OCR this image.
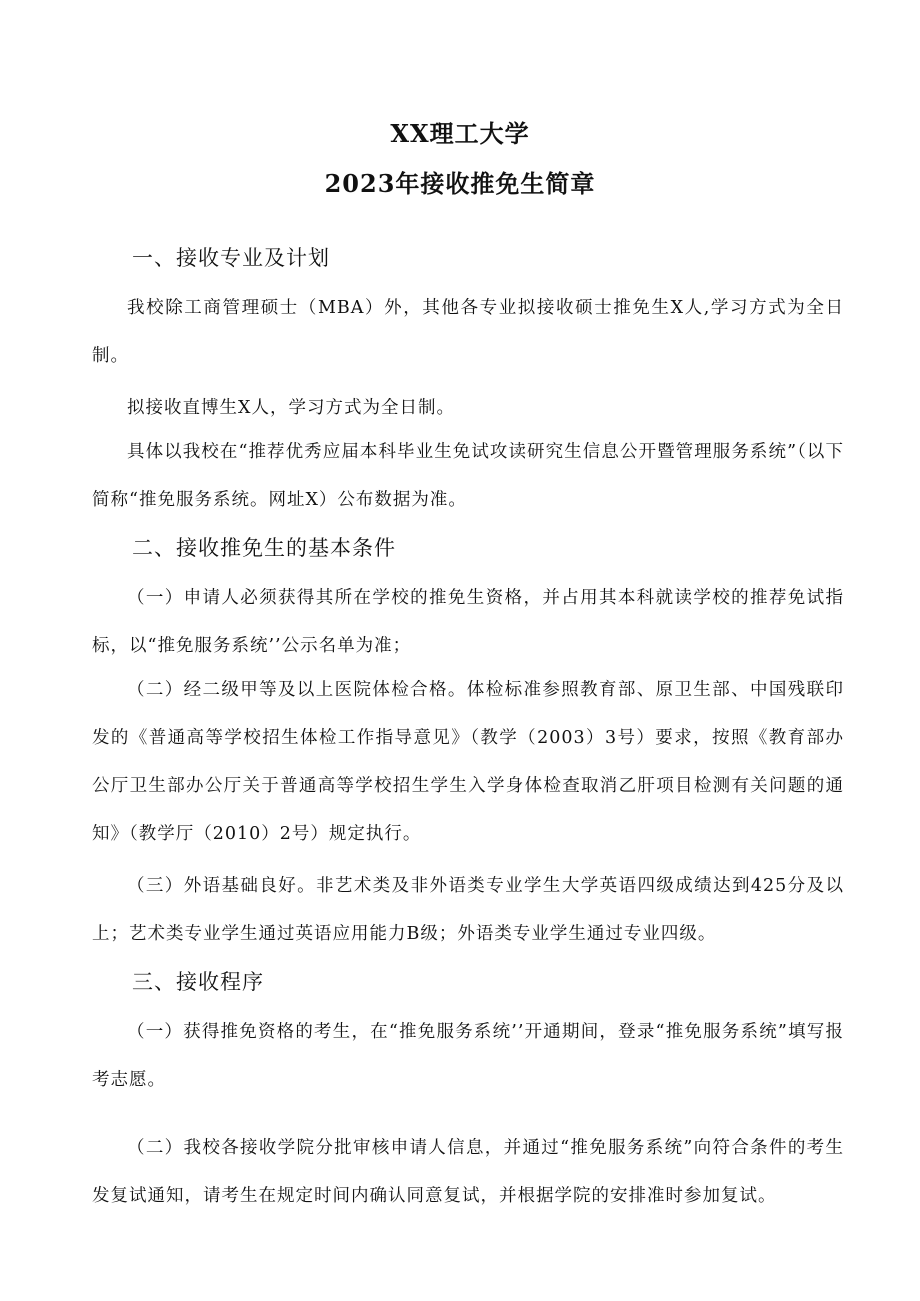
XX理工大学
2023年接收推免生简章
一、接收专业及计划
我校除工商管理硕士（MBA）外，其他各专业拟接收硕士推免生X人,学习方式为全日制。
拟接收直博生X人，学习方式为全日制。
具体以我校在“推荐优秀应届本科毕业生免试攻读研究生信息公开暨管理服务系统”（以下简称“推免服务系统。网址X）公布数据为准。
二、接收推免生的基本条件
（一）申请人必须获得其所在学校的推免生资格，并占用其本科就读学校的推荐免试指标，以“推免服务系统’’公示名单为准；
（二）经二级甲等及以上医院体检合格。体检标准参照教育部、原卫生部、中国残联印发的《普通高等学校招生体检工作指导意见》（教学（2003）3号）要求，按照《教育部办公厅卫生部办公厅关于普通高等学校招生学生入学身体检查取消乙肝项目检测有关问题的通知》（教学厅（2010）2号）规定执行。
（三）外语基础良好。非艺术类及非外语类专业学生大学英语四级成绩达到425分及以上；艺术类专业学生通过英语应用能力B级；外语类专业学生通过专业四级。
三、接收程序
（一）获得推免资格的考生，在“推免服务系统’’开通期间，登录“推免服务系统”填写报考志愿。
（二）我校各接收学院分批审核申请人信息，并通过“推免服务系统”向符合条件的考生发复试通知，请考生在规定时间内确认同意复试，并根据学院的安排准时参加复试。
